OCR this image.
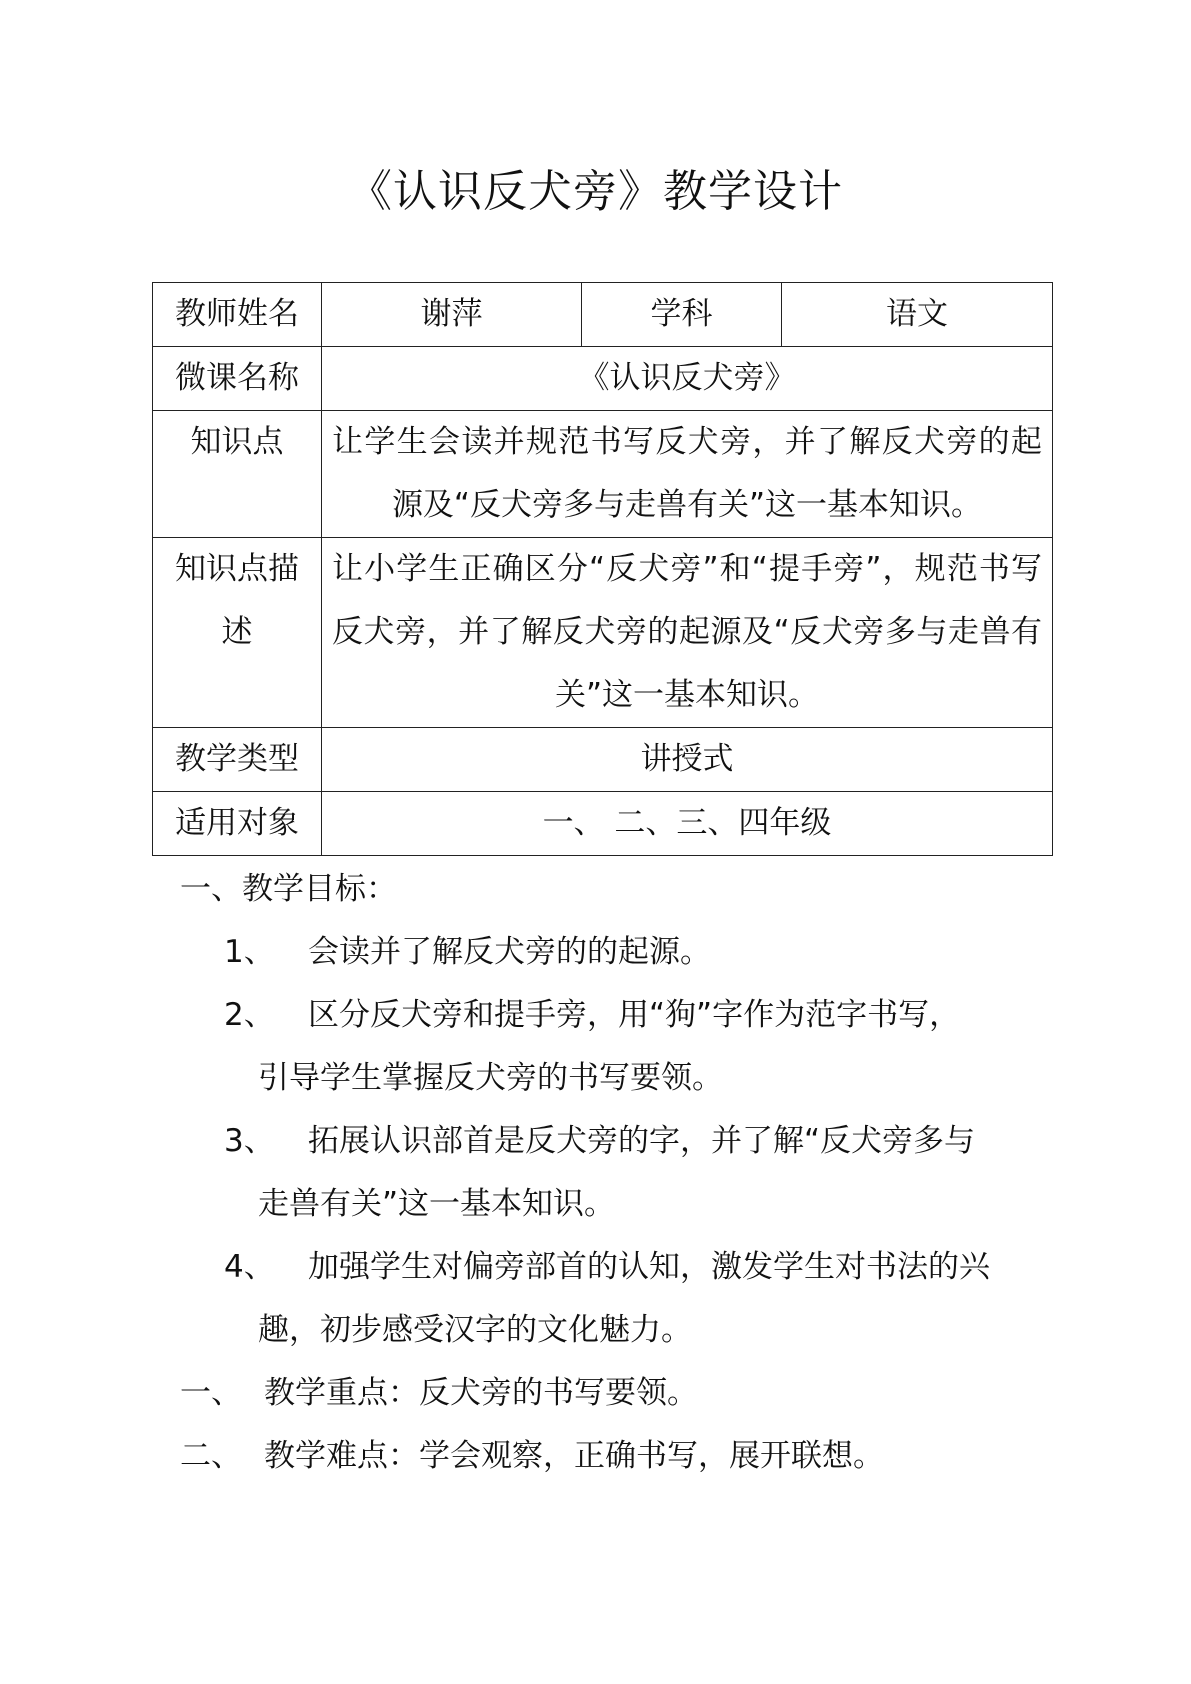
《认识反犬旁》教学设计
教师姓名	谢萍	学科	语文
微课名称	《认识反犬旁》		
知识点	让学生会读并规范书写反犬旁，并了解反犬旁的起源及“反犬旁多与走兽有关”这一基本知识。		
知识点描述	让小学生正确区分“反犬旁”和“提手旁”，规范书写反犬旁，并了解反犬旁的起源及“反犬旁多与走兽有关”这一基本知识。		
教学类型	讲授式		
适用对象	一、 二、三、四年级		
一、教学目标：
1、 会读并了解反犬旁的的起源。
2、 区分反犬旁和提手旁，用“狗”字作为范字书写，
引导学生掌握反犬旁的书写要领。
3、 拓展认识部首是反犬旁的字，并了解“反犬旁多与
走兽有关”这一基本知识。
4、 加强学生对偏旁部首的认知，激发学生对书法的兴
趣，初步感受汉字的文化魅力。
一、 教学重点：反犬旁的书写要领。
二、 教学难点：学会观察，正确书写，展开联想。
